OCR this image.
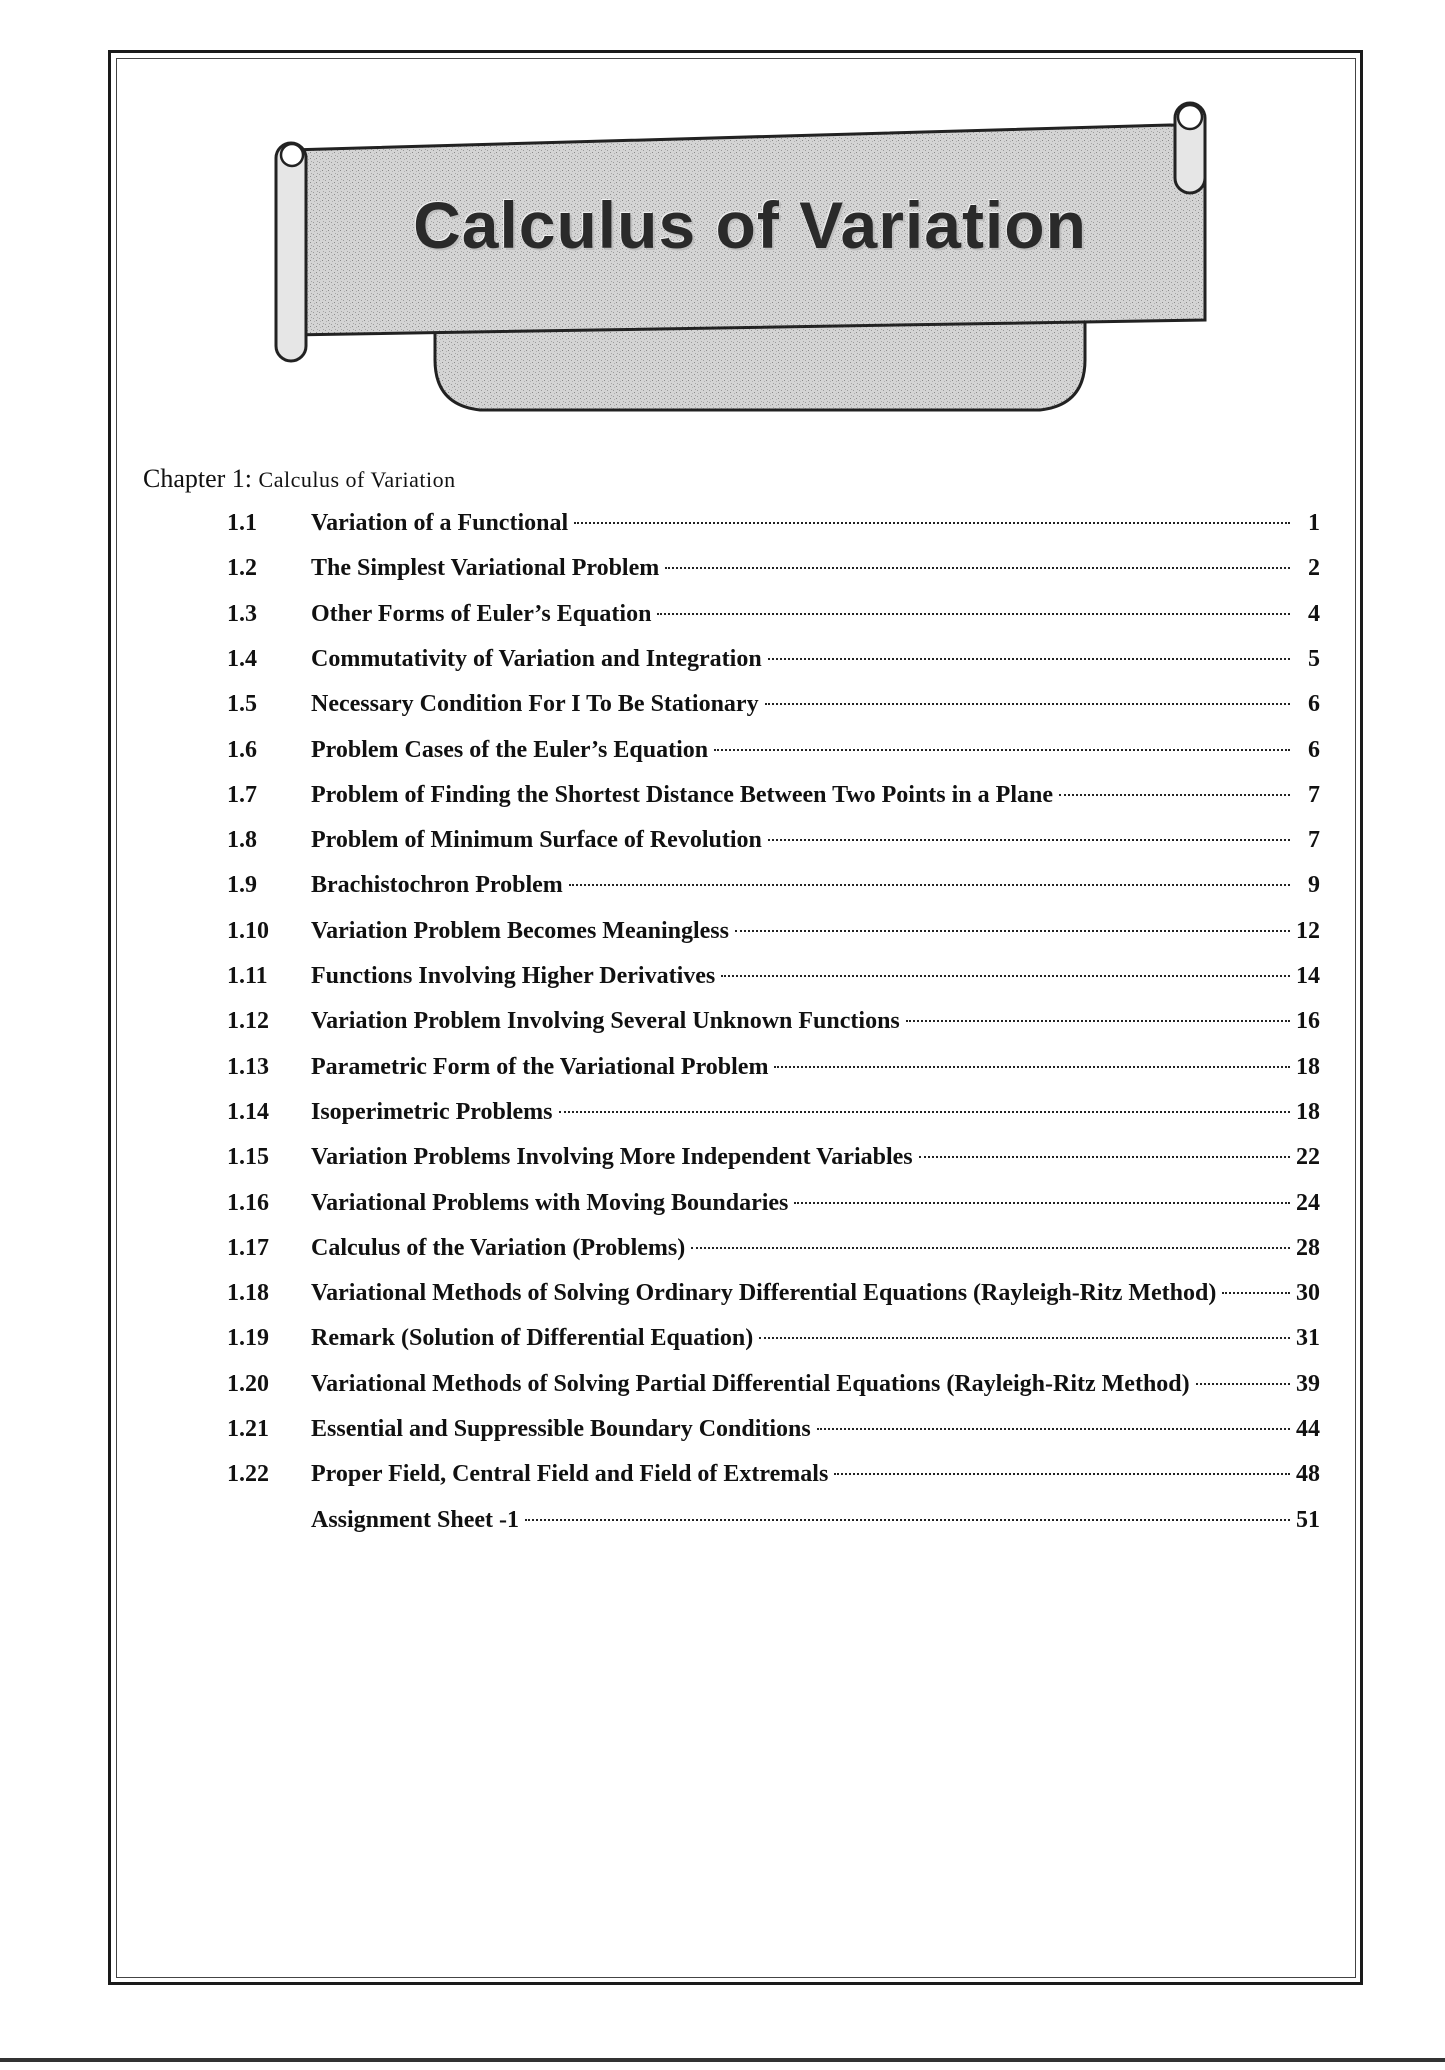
Calculus of Variation
Chapter 1: Calculus of Variation
1.1	Variation of a Functional	1
1.2	The Simplest Variational Problem	2
1.3	Other Forms of Euler’s Equation	4
1.4	Commutativity of Variation and Integration	5
1.5	Necessary Condition For I To Be Stationary	6
1.6	Problem Cases of the Euler’s Equation	6
1.7	Problem of Finding the Shortest Distance Between Two Points in a Plane	7
1.8	Problem of Minimum Surface of Revolution	7
1.9	Brachistochron Problem	9
1.10	Variation Problem Becomes Meaningless	12
1.11	Functions Involving Higher Derivatives	14
1.12	Variation Problem Involving Several Unknown Functions	16
1.13	Parametric Form of the Variational Problem	18
1.14	Isoperimetric Problems	18
1.15	Variation Problems Involving More Independent Variables	22
1.16	Variational Problems with Moving Boundaries	24
1.17	Calculus of the Variation (Problems)	28
1.18	Variational Methods of Solving Ordinary Differential Equations (Rayleigh-Ritz Method)	30
1.19	Remark (Solution of Differential Equation)	31
1.20	Variational Methods of Solving Partial Differential Equations (Rayleigh-Ritz Method)	39
1.21	Essential and Suppressible Boundary Conditions	44
1.22	Proper Field, Central Field and Field of Extremals	48
Assignment Sheet -1	51
